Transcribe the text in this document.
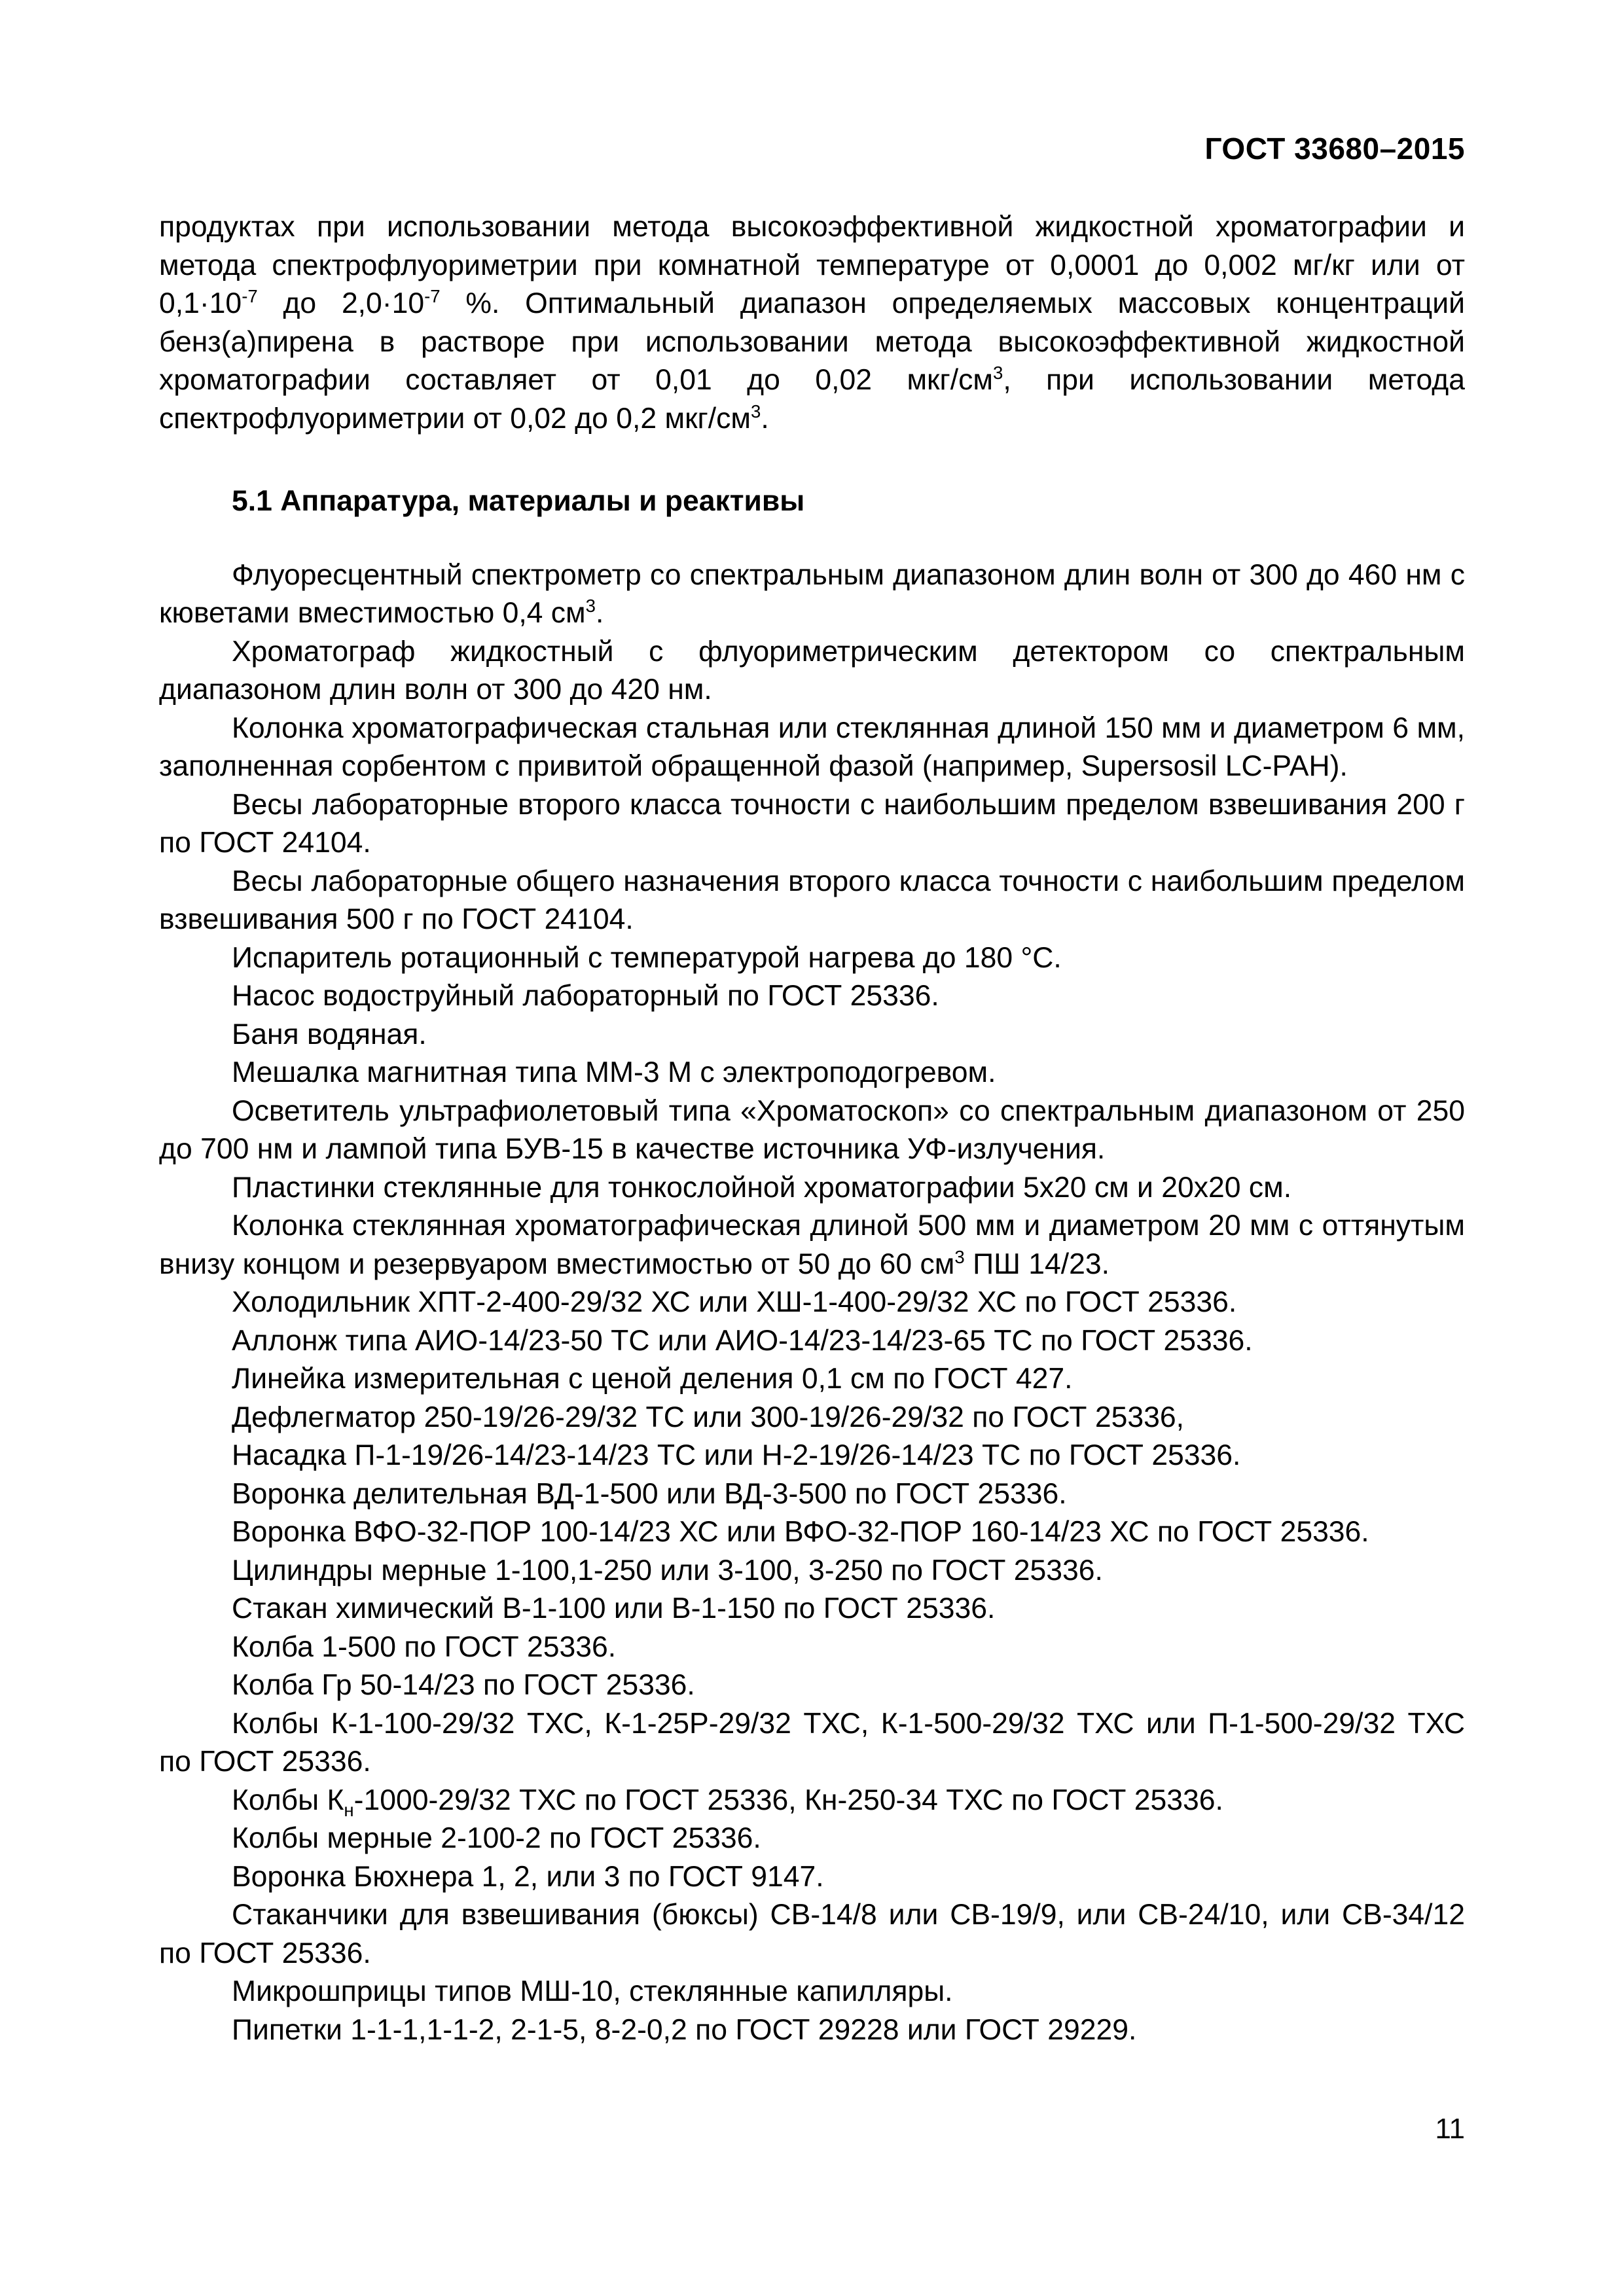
ГОСТ 33680–2015

продуктах при использовании метода высокоэффективной жидкостной хроматографии и метода спектрофлуориметрии при комнатной температуре от 0,0001 до 0,002 мг/кг или от $0,1\cdot 10^{-7}$ до $2,0\cdot 10^{-7}$ %. Оптимальный диапазон определяемых массовых концентраций бенз(а)пирена в растворе при использовании метода высокоэффективной жидкостной хроматографии составляет от 0,01 до 0,02 мкг/$см^3$, при использовании метода спектрофлуориметрии от 0,02 до 0,2 мкг/$см^3$.

5.1 Аппаратура, материалы и реактивы

Флуоресцентный спектрометр со спектральным диапазоном длин волн от 300 до 460 нм с кюветами вместимостью 0,4 $см^3$.

Хроматограф жидкостный с флуориметрическим детектором со спектральным диапазоном длин волн от 300 до 420 нм.

Колонка хроматографическая стальная или стеклянная длиной 150 мм и диаметром 6 мм, заполненная сорбентом с привитой обращенной фазой (например, Supersosil LC-PAH).

Весы лабораторные второго класса точности с наибольшим пределом взвешивания 200 г по ГОСТ 24104.

Весы лабораторные общего назначения второго класса точности с наибольшим пределом взвешивания 500 г по ГОСТ 24104.

Испаритель ротационный с температурой нагрева до 180 °С.

Насос водоструйный лабораторный по ГОСТ 25336.

Баня водяная.

Мешалка магнитная типа ММ-3 М с электроподогревом.

Осветитель ультрафиолетовый типа «Хроматоскоп» со спектральным диапазоном от 250 до 700 нм и лампой типа БУВ-15 в качестве источника УФ-излучения.

Пластинки стеклянные для тонкослойной хроматографии 5х20 см и 20х20 см.

Колонка стеклянная хроматографическая длиной 500 мм и диаметром 20 мм с оттянутым внизу концом и резервуаром вместимостью от 50 до 60 $см^3$ ПШ 14/23.

Холодильник ХПТ-2-400-29/32 ХС или ХШ-1-400-29/32 ХС по ГОСТ 25336.

Аллонж типа АИО-14/23-50 ТС или АИО-14/23-14/23-65 ТС по ГОСТ 25336.

Линейка измерительная с ценой деления 0,1 см по ГОСТ 427.

Дефлегматор 250-19/26-29/32 ТС или 300-19/26-29/32 по ГОСТ 25336,

Насадка П-1-19/26-14/23-14/23 ТС или Н-2-19/26-14/23 ТС по ГОСТ 25336.

Воронка делительная ВД-1-500 или ВД-3-500 по ГОСТ 25336.

Воронка ВФО-32-ПОР 100-14/23 ХС или ВФО-32-ПОР 160-14/23 ХС по ГОСТ 25336.

Цилиндры мерные 1-100,1-250 или 3-100, 3-250 по ГОСТ 25336.

Стакан химический В-1-100 или В-1-150 по ГОСТ 25336.

Колба 1-500 по ГОСТ 25336.

Колба Гр 50-14/23 по ГОСТ 25336.

Колбы К-1-100-29/32 ТХС, К-1-25Р-29/32 ТХС, К-1-500-29/32 ТХС или П-1-500-29/32 ТХС по ГОСТ 25336.

Колбы $К_н-1000-29/32$ ТХС по ГОСТ 25336, Кн-250-34 ТХС по ГОСТ 25336.

Колбы мерные 2-100-2 по ГОСТ 25336.

Воронка Бюхнера 1, 2, или 3 по ГОСТ 9147.

Стаканчики для взвешивания (бюксы) СВ-14/8 или СВ-19/9, или СВ-24/10, или СВ-34/12 по ГОСТ 25336.

Микрошприцы типов МШ-10, стеклянные капилляры.

Пипетки 1-1-1,1-1-2, 2-1-5, 8-2-0,2 по ГОСТ 29228 или ГОСТ 29229.

11
